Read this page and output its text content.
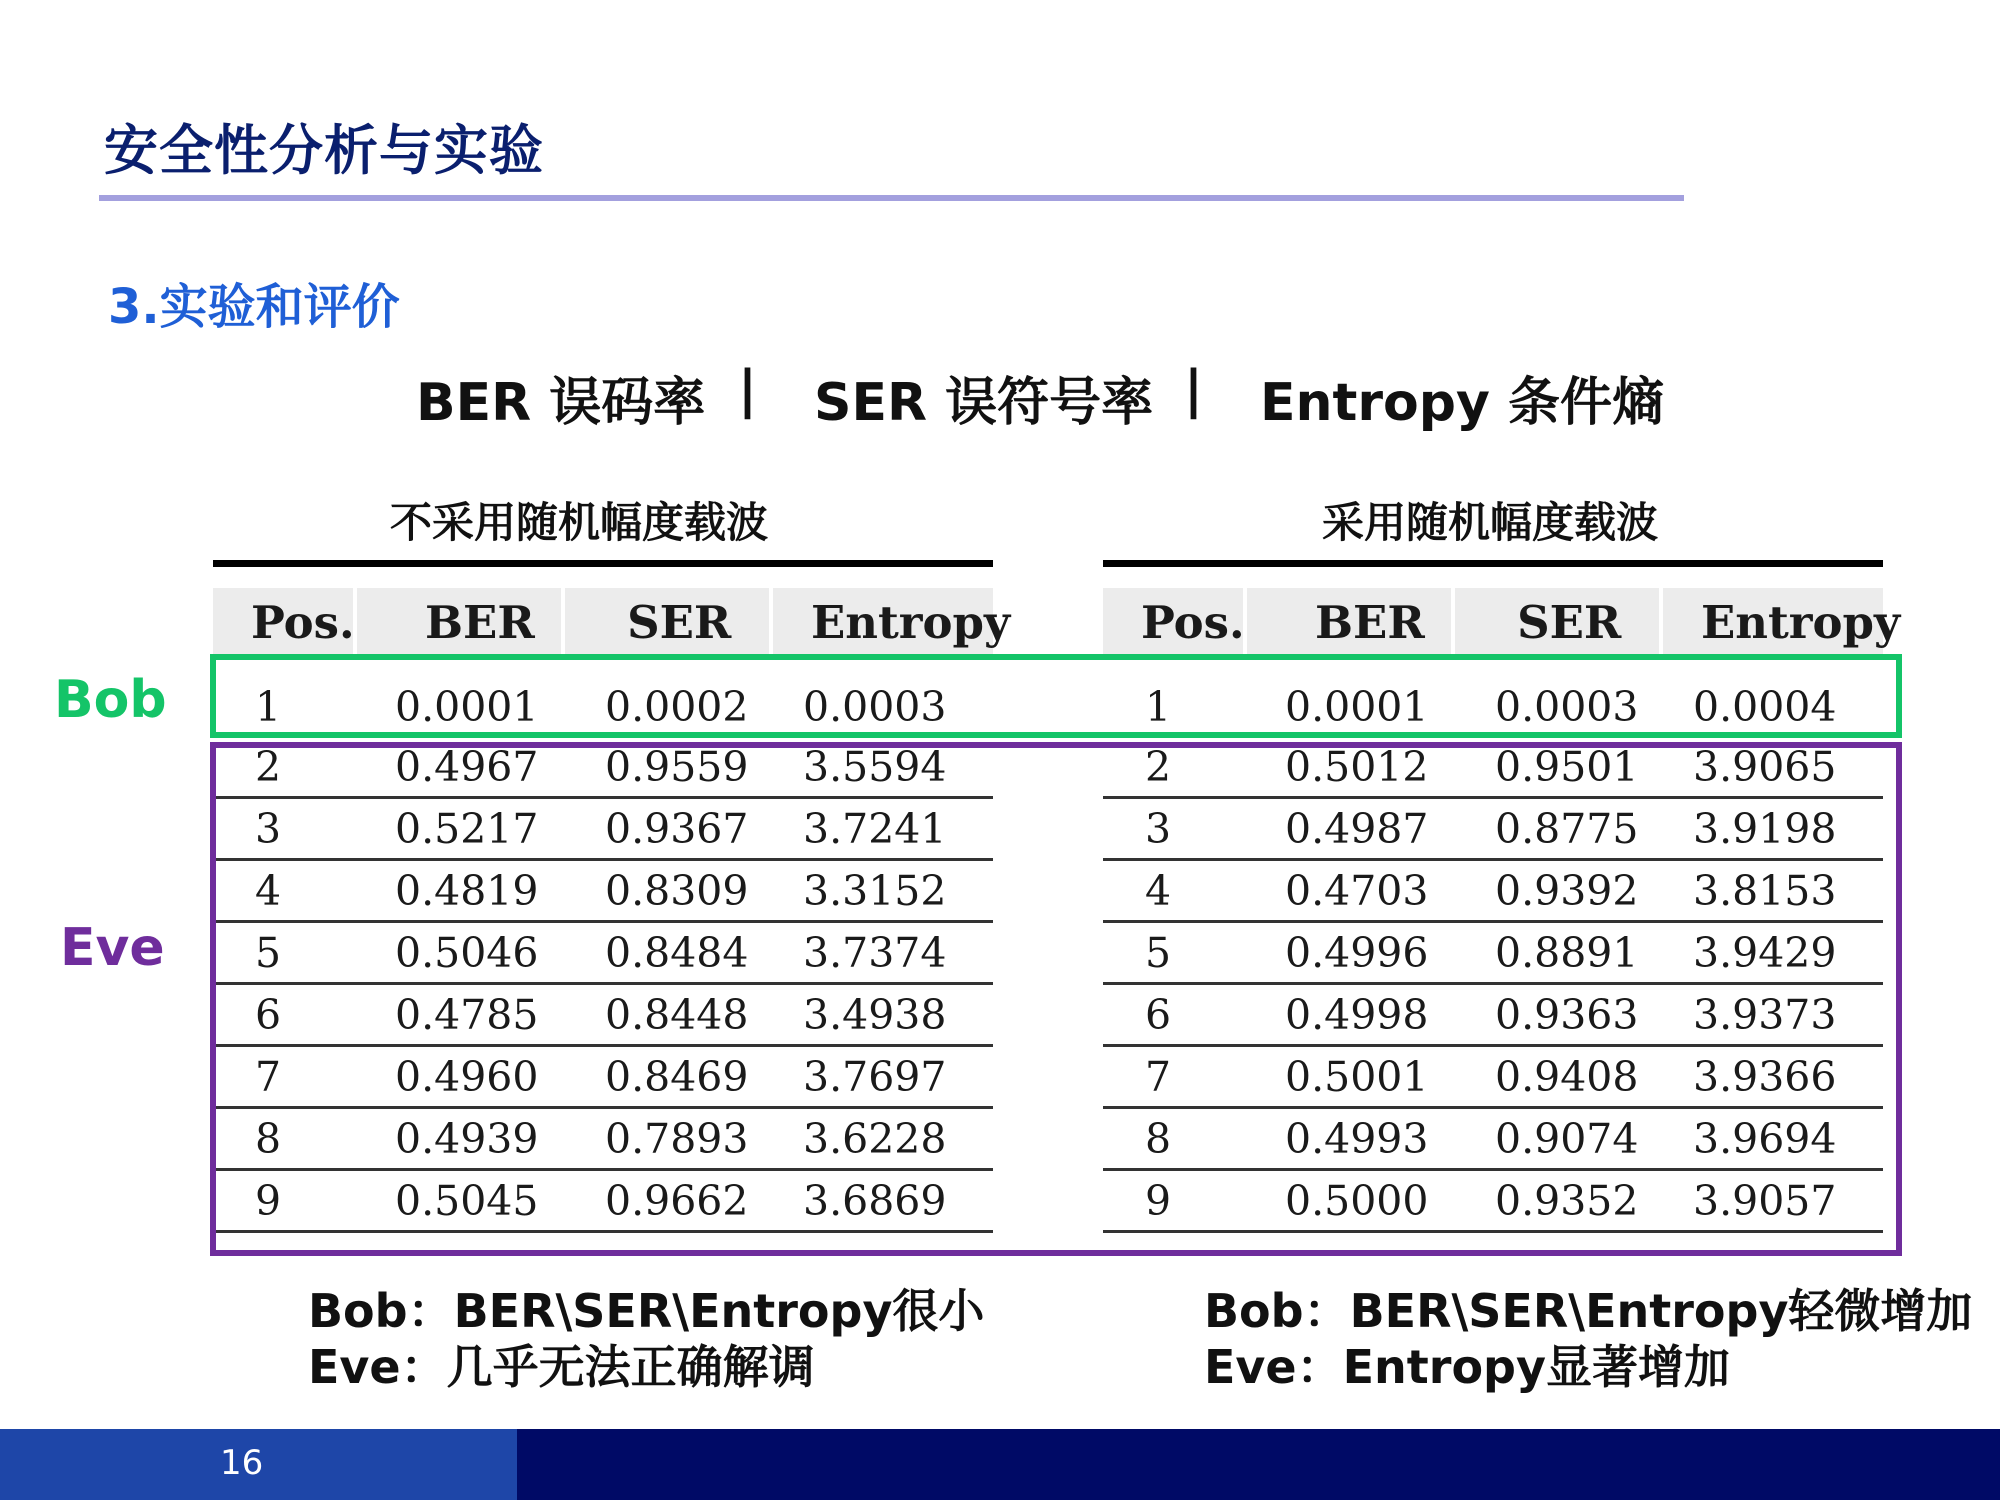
安全性分析与实验
3.实验和评价
BER 误码率 | SER 误符号率 | Entropy 条件熵
不采用随机幅度载波	采用随机幅度载波
Pos.	BER	SER	Entropy
1	0.0001	0.0002	0.0003
2	0.4967	0.9559	3.5594
3	0.5217	0.9367	3.7241
4	0.4819	0.8309	3.3152
5	0.5046	0.8484	3.7374
6	0.4785	0.8448	3.4938
7	0.4960	0.8469	3.7697
8	0.4939	0.7893	3.6228
9	0.5045	0.9662	3.6869
Pos.	BER	SER	Entropy
1	0.0001	0.0003	0.0004
2	0.5012	0.9501	3.9065
3	0.4987	0.8775	3.9198
4	0.4703	0.9392	3.8153
5	0.4996	0.8891	3.9429
6	0.4998	0.9363	3.9373
7	0.5001	0.9408	3.9366
8	0.4993	0.9074	3.9694
9	0.5000	0.9352	3.9057
Bob
Eve
Bob：BER\SER\Entropy很小
Eve：几乎无法正确解调
Bob：BER\SER\Entropy轻微增加
Eve：Entropy显著增加
16
